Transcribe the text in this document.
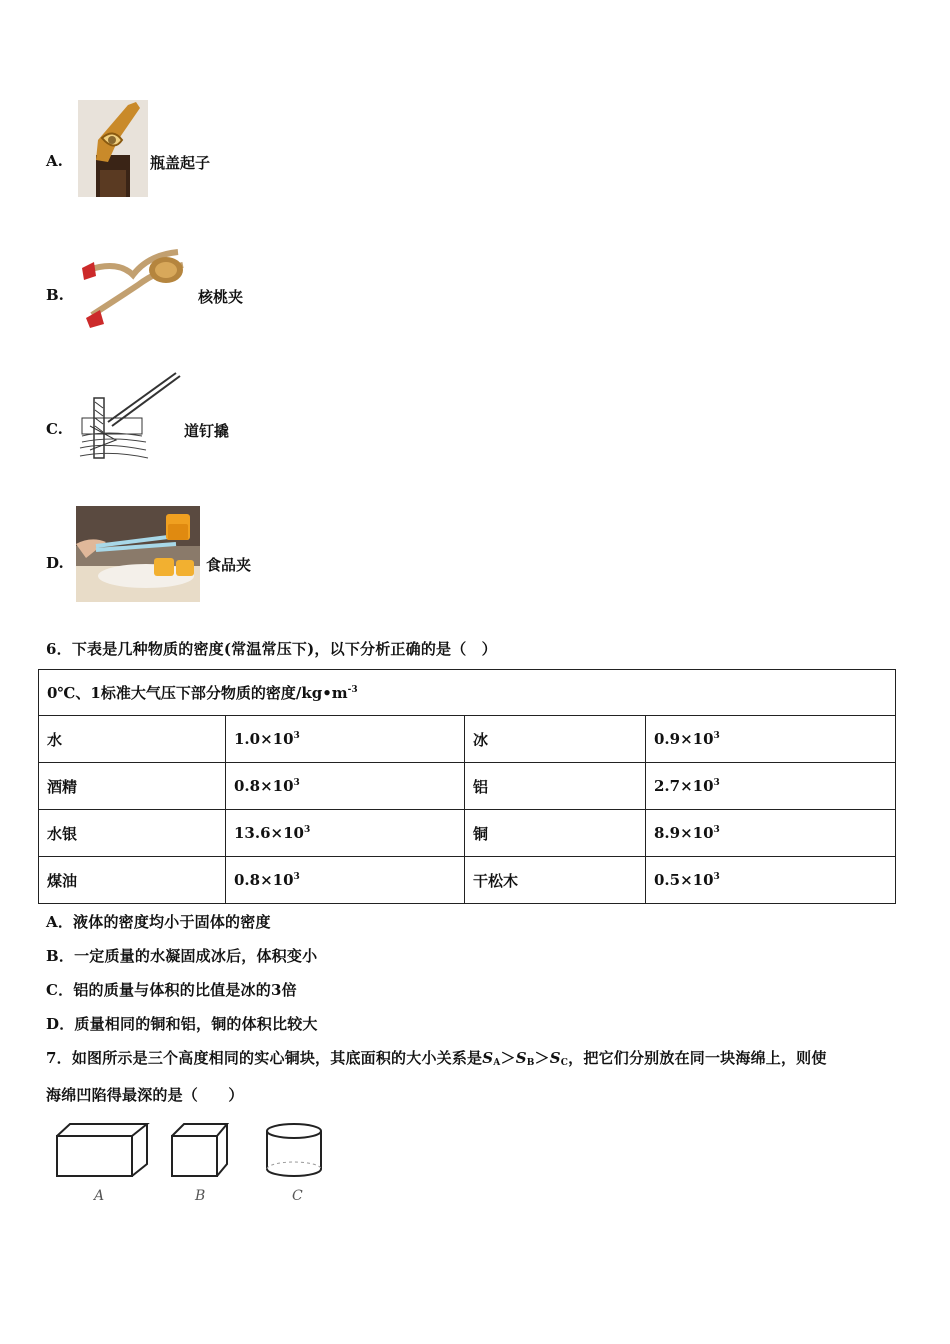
A.	瓶盖起子
B.	核桃夹
C.	道钉撬
D.	食品夹
6．下表是几种物质的密度(常温常压下)，以下分析正确的是（　）
0℃、1标准大气压下部分物质的密度$/kg•m^{-3}$
水	$1.0\times 10^3$	冰	$0.9\times 10^3$
酒精	$0.8\times 10^3$	铝	$2.7\times 10^3$
水银	$13.6\times 10^3$	铜	$8.9\times 10^3$
煤油	$0.8\times 10^3$	干松木	$0.5\times 10^3$
A．液体的密度均小于固体的密度
B．一定质量的水凝固成冰后，体积变小
C．铝的质量与体积的比值是冰的3倍
D．质量相同的铜和铝，铜的体积比较大
7．如图所示是三个高度相同的实心铜块，其底面积的大小关系是$S_A>S_B>S_C$，把它们分别放在同一块海绵上，则使
海绵凹陷得最深的是（　　）
A	B	C
